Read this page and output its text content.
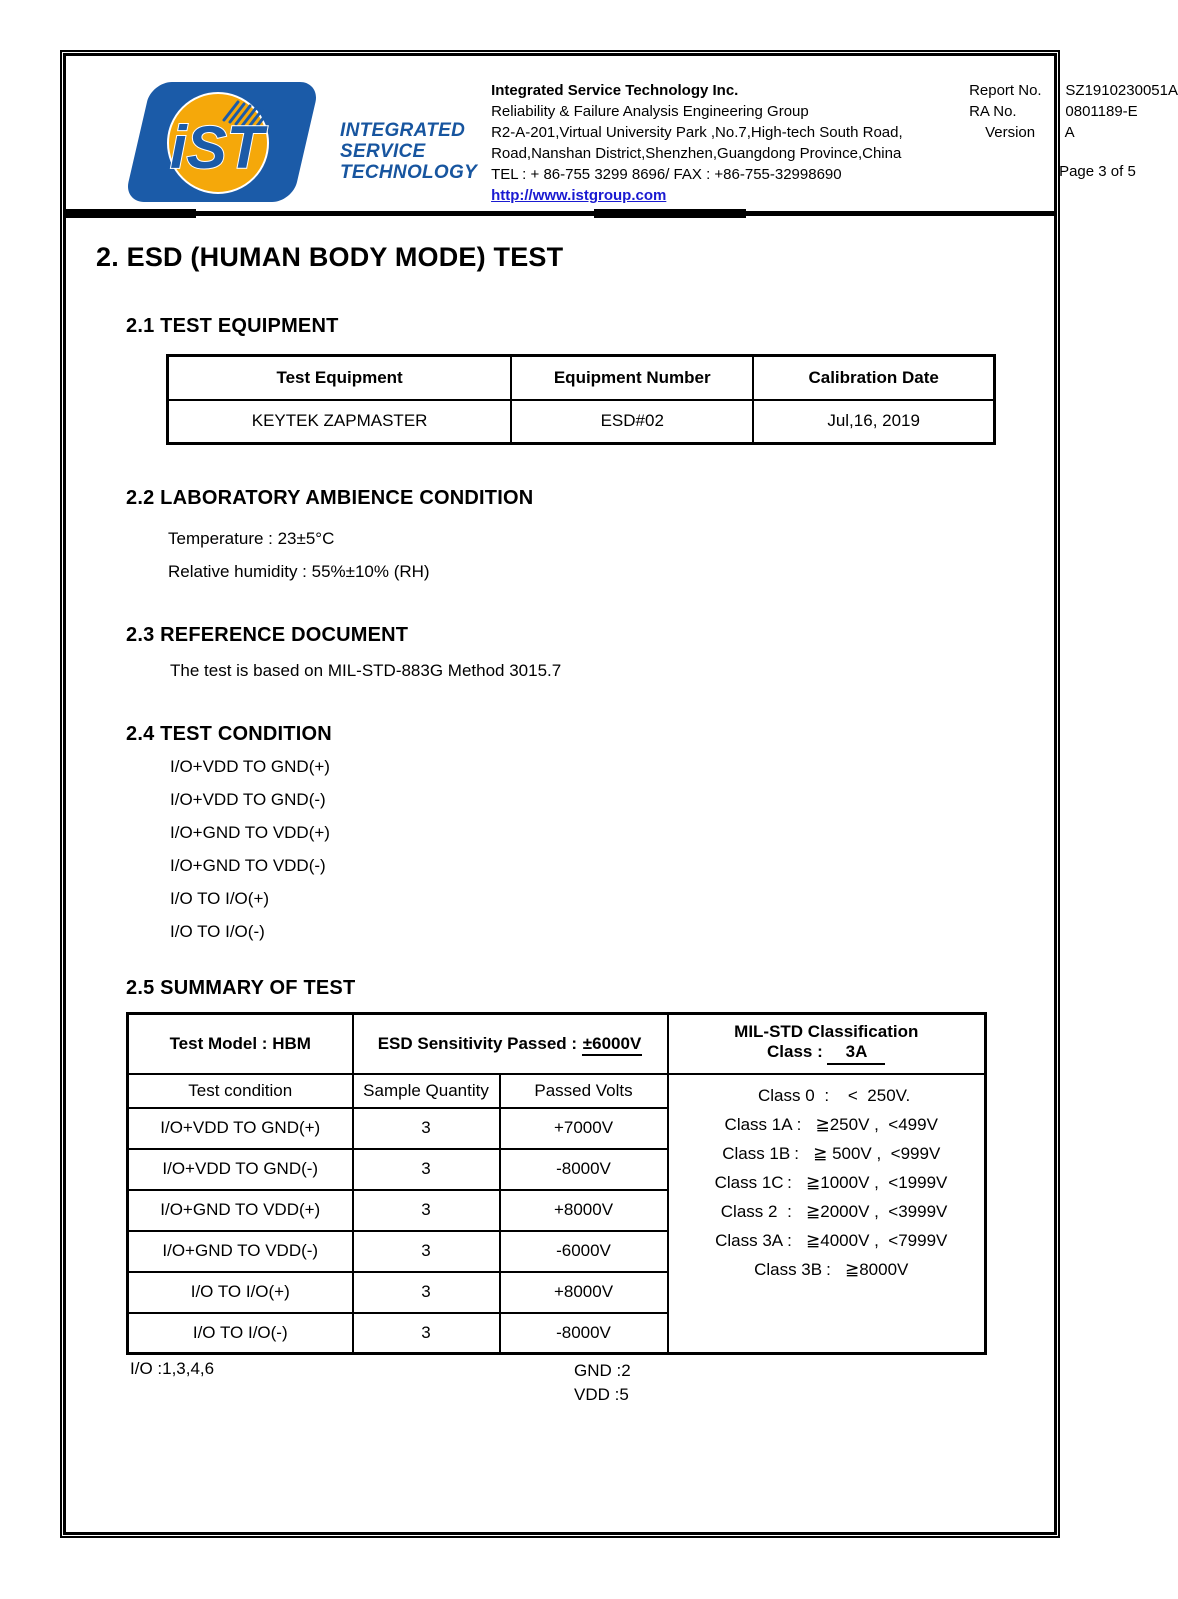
iST	INTEGRATED
SERVICE
TECHNOLOGY
Integrated Service Technology Inc.
Reliability & Failure Analysis Engineering Group
R2-A-201,Virtual University Park ,No.7,High-tech South Road,
Road,Nanshan District,Shenzhen,Guangdong Province,China
TEL : + 86-755 3299 8696/ FAX : +86-755-32998690
http://www.istgroup.com
Report No.	: SZ1910230051A
RA No.	: 0801189-E
Version	: A
Page 3 of 5
2. ESD (HUMAN BODY MODE) TEST
2.1 TEST EQUIPMENT
Test Equipment	Equipment Number	Calibration Date
KEYTEK ZAPMASTER	ESD#02	Jul,16, 2019
2.2 LABORATORY AMBIENCE CONDITION
Temperature : 23±5°C
Relative humidity : 55%±10% (RH)
2.3 REFERENCE DOCUMENT
The test is based on MIL-STD-883G Method 3015.7
2.4 TEST CONDITION
I/O+VDD TO GND(+)
I/O+VDD TO GND(-)
I/O+GND TO VDD(+)
I/O+GND TO VDD(-)
I/O TO I/O(+)
I/O TO I/O(-)
2.5 SUMMARY OF TEST
Test Model : HBM	ESD Sensitivity Passed : ±6000V		MIL-STD Classification
Class : 3A

Test condition	Sample Quantity	Passed Volts	Class 0 :    <  250V.
Class 1A :   ≧250V ,  <499V
Class 1B :   ≧ 500V ,  <999V
Class 1C :   ≧1000V ,  <1999V
Class 2 :   ≧2000V ,  <3999V
Class 3A :   ≧4000V ,  <7999V
Class 3B :   ≧8000V

I/O+VDD TO GND(+)	3	+7000V	
I/O+VDD TO GND(-)	3	-8000V	
I/O+GND TO VDD(+)	3	+8000V	
I/O+GND TO VDD(-)	3	-6000V	
I/O TO I/O(+)	3	+8000V	
I/O TO I/O(-)	3	-8000V	
I/O :1,3,4,6	GND :2
VDD :5
